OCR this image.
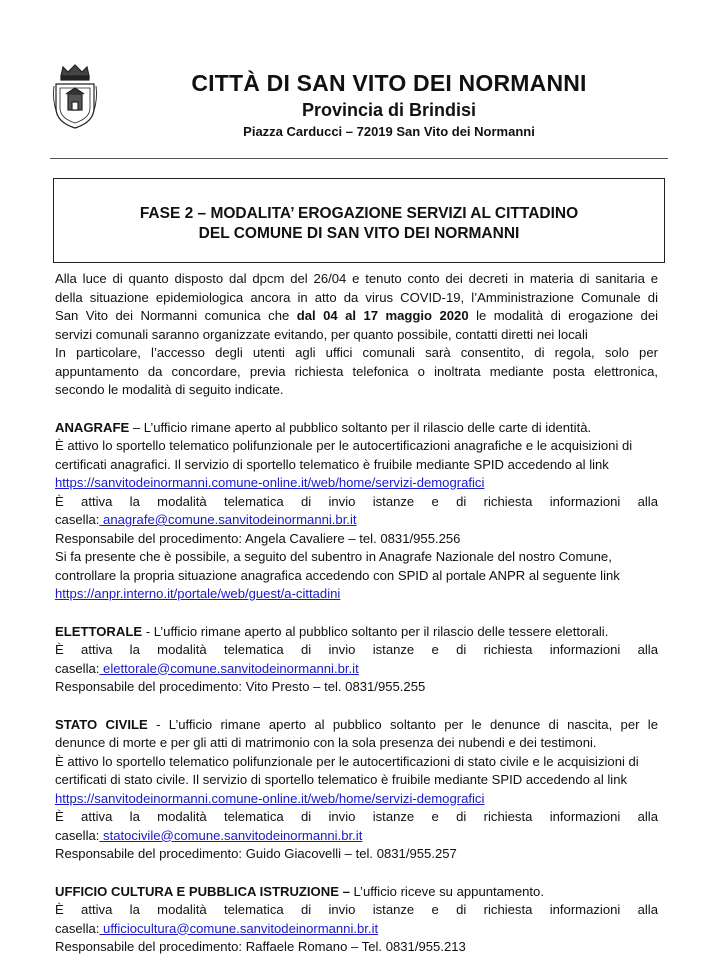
CITTÀ DI SAN VITO DEI NORMANNI
Provincia di Brindisi
Piazza Carducci – 72019 San Vito dei Normanni
FASE 2 – MODALITA’ EROGAZIONE SERVIZI AL CITTADINO
DEL COMUNE DI SAN VITO DEI NORMANNI
Alla luce di quanto disposto dal dpcm del 26/04 e tenuto conto dei decreti in materia di sanitaria e
della situazione epidemiologica ancora in atto da virus COVID-19, l’Amministrazione Comunale di
San Vito dei Normanni comunica che dal 04 al 17 maggio 2020 le modalità di erogazione dei
servizi comunali saranno organizzate evitando, per quanto possibile, contatti diretti nei locali
In particolare, l’accesso degli utenti agli uffici comunali sarà consentito, di regola, solo per
appuntamento da concordare, previa richiesta telefonica o inoltrata mediante posta elettronica,
secondo le modalità di seguito indicate.
ANAGRAFE – L’ufficio rimane aperto al pubblico soltanto per il rilascio delle carte di identità.
È attivo lo sportello telematico polifunzionale per le autocertificazioni anagrafiche e le acquisizioni di
certificati anagrafici. Il servizio di sportello telematico è fruibile mediante SPID accedendo al link
https://sanvitodeinormanni.comune-online.it/web/home/servizi-demografici
È attiva la modalità telematica di invio istanze e di richiesta informazioni alla
casella: anagrafe@comune.sanvitodeinormanni.br.it
Responsabile del procedimento: Angela Cavaliere – tel. 0831/955.256
Si fa presente che è possibile, a seguito del subentro in Anagrafe Nazionale del nostro Comune,
controllare la propria situazione anagrafica accedendo con SPID al portale ANPR al seguente link
https://anpr.interno.it/portale/web/guest/a-cittadini
ELETTORALE - L’ufficio rimane aperto al pubblico soltanto per il rilascio delle tessere elettorali.
È attiva la modalità telematica di invio istanze e di richiesta informazioni alla
casella: elettorale@comune.sanvitodeinormanni.br.it
Responsabile del procedimento: Vito Presto – tel. 0831/955.255
STATO CIVILE - L’ufficio rimane aperto al pubblico soltanto per le denunce di nascita, per le
denunce di morte e per gli atti di matrimonio con la sola presenza dei nubendi e dei testimoni.
È attivo lo sportello telematico polifunzionale per le autocertificazioni di stato civile e le acquisizioni di
certificati di stato civile. Il servizio di sportello telematico è fruibile mediante SPID accedendo al link
https://sanvitodeinormanni.comune-online.it/web/home/servizi-demografici
È attiva la modalità telematica di invio istanze e di richiesta informazioni alla
casella: statocivile@comune.sanvitodeinormanni.br.it
Responsabile del procedimento: Guido Giacovelli – tel. 0831/955.257
UFFICIO CULTURA E PUBBLICA ISTRUZIONE – L’ufficio riceve su appuntamento.
È attiva la modalità telematica di invio istanze e di richiesta informazioni alla
casella: ufficiocultura@comune.sanvitodeinormanni.br.it
Responsabile del procedimento: Raffaele Romano – Tel. 0831/955.213
